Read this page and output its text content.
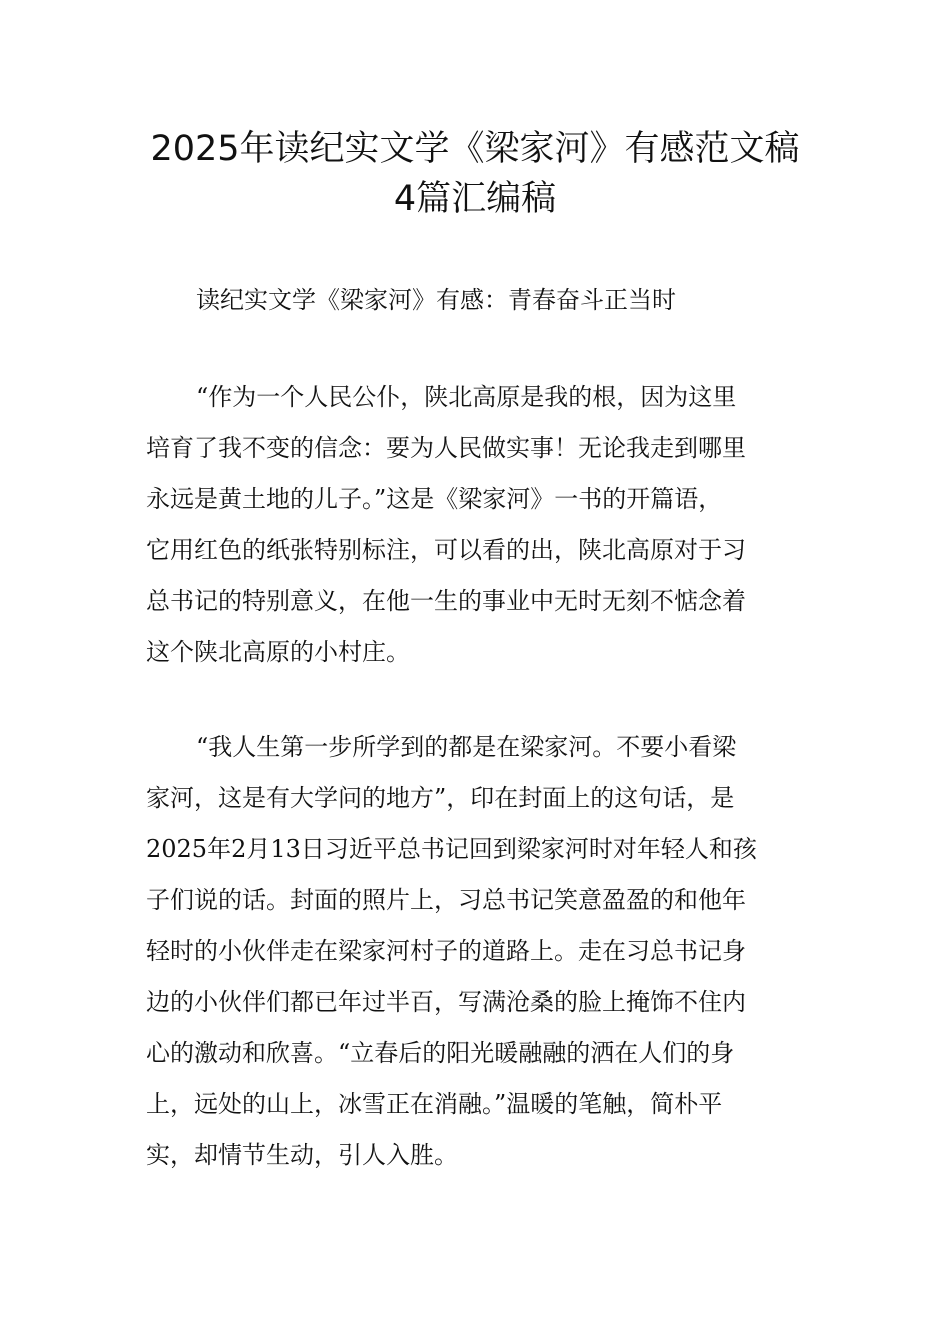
2025年读纪实文学《梁家河》有感范文稿
4篇汇编稿

读纪实文学《梁家河》有感：青春奋斗正当时

“作为一个人民公仆，陕北高原是我的根，因为这里
培育了我不变的信念：要为人民做实事！无论我走到哪里
永远是黄土地的儿子。”这是《梁家河》一书的开篇语，
它用红色的纸张特别标注，可以看的出，陕北高原对于习
总书记的特别意义，在他一生的事业中无时无刻不惦念着
这个陕北高原的小村庄。
“我人生第一步所学到的都是在梁家河。不要小看梁
家河，这是有大学问的地方”，印在封面上的这句话，是
2025年2月13日习近平总书记回到梁家河时对年轻人和孩
子们说的话。封面的照片上，习总书记笑意盈盈的和他年
轻时的小伙伴走在梁家河村子的道路上。走在习总书记身
边的小伙伴们都已年过半百，写满沧桑的脸上掩饰不住内
心的激动和欣喜。“立春后的阳光暖融融的洒在人们的身
上，远处的山上，冰雪正在消融。”温暖的笔触，简朴平
实，却情节生动，引人入胜。
